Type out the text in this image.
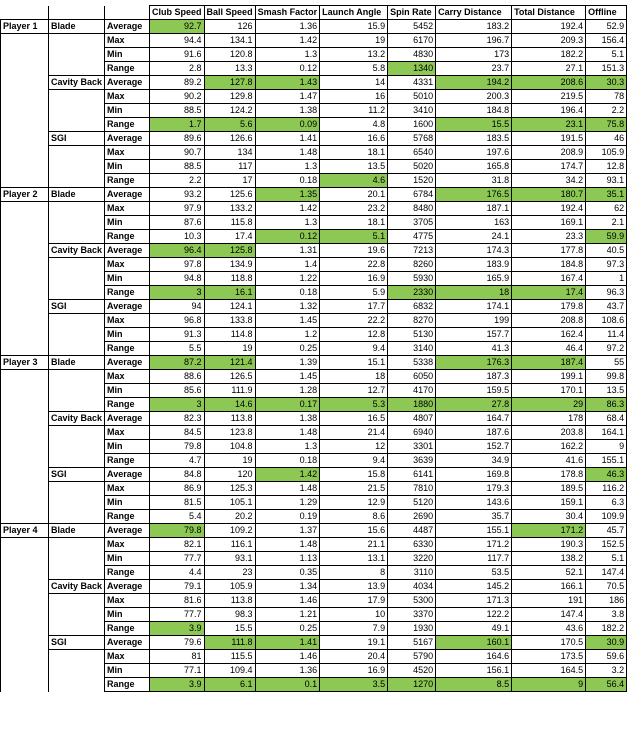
			Club Speed	Ball Speed	Smash Factor	Launch Angle	Spin Rate	Carry Distance	Total Distance	Offline
Player 1	Blade	Average	92.7	126	1.36	15.9	5452	183.2	192.4	52.9
		Max	94.4	134.1	1.42	19	6170	196.7	209.3	156.4
		Min	91.6	120.8	1.3	13.2	4830	173	182.2	5.1
		Range	2.8	13.3	0.12	5.8	1340	23.7	27.1	151.3
	Cavity Back	Average	89.2	127.8	1.43	14	4331	194.2	208.6	30.3
		Max	90.2	129.8	1.47	16	5010	200.3	219.5	78
		Min	88.5	124.2	1.38	11.2	3410	184.8	196.4	2.2
		Range	1.7	5.6	0.09	4.8	1600	15.5	23.1	75.8
	SGI	Average	89.6	126.6	1.41	16.6	5768	183.5	191.5	46
		Max	90.7	134	1.48	18.1	6540	197.6	208.9	105.9
		Min	88.5	117	1.3	13.5	5020	165.8	174.7	12.8
		Range	2.2	17	0.18	4.6	1520	31.8	34.2	93.1
Player 2	Blade	Average	93.2	125.6	1.35	20.1	6784	176.5	180.7	35.1
		Max	97.9	133.2	1.42	23.2	8480	187.1	192.4	62
		Min	87.6	115.8	1.3	18.1	3705	163	169.1	2.1
		Range	10.3	17.4	0.12	5.1	4775	24.1	23.3	59.9
	Cavity Back	Average	96.4	125.8	1.31	19.6	7213	174.3	177.8	40.5
		Max	97.8	134.9	1.4	22.8	8260	183.9	184.8	97.3
		Min	94.8	118.8	1.22	16.9	5930	165.9	167.4	1
		Range	3	16.1	0.18	5.9	2330	18	17.4	96.3
	SGI	Average	94	124.1	1.32	17.7	6832	174.1	179.8	43.7
		Max	96.8	133.8	1.45	22.2	8270	199	208.8	108.6
		Min	91.3	114.8	1.2	12.8	5130	157.7	162.4	11.4
		Range	5.5	19	0.25	9.4	3140	41.3	46.4	97.2
Player 3	Blade	Average	87.2	121.4	1.39	15.1	5338	176.3	187.4	55
		Max	88.6	126.5	1.45	18	6050	187.3	199.1	99.8
		Min	85.6	111.9	1.28	12.7	4170	159.5	170.1	13.5
		Range	3	14.6	0.17	5.3	1880	27.8	29	86.3
	Cavity Back	Average	82.3	113.8	1.38	16.5	4807	164.7	178	68.4
		Max	84.5	123.8	1.48	21.4	6940	187.6	203.8	164.1
		Min	79.8	104.8	1.3	12	3301	152.7	162.2	9
		Range	4.7	19	0.18	9.4	3639	34.9	41.6	155.1
	SGI	Average	84.8	120	1.42	15.8	6141	169.8	178.8	46.3
		Max	86.9	125.3	1.48	21.5	7810	179.3	189.5	116.2
		Min	81.5	105.1	1.29	12.9	5120	143.6	159.1	6.3
		Range	5.4	20.2	0.19	8.6	2690	35.7	30.4	109.9
Player 4	Blade	Average	79.8	109.2	1.37	15.6	4487	155.1	171.2	45.7
		Max	82.1	116.1	1.48	21.1	6330	171.2	190.3	152.5
		Min	77.7	93.1	1.13	13.1	3220	117.7	138.2	5.1
		Range	4.4	23	0.35	8	3110	53.5	52.1	147.4
	Cavity Back	Average	79.1	105.9	1.34	13.9	4034	145.2	166.1	70.5
		Max	81.6	113.8	1.46	17.9	5300	171.3	191	186
		Min	77.7	98.3	1.21	10	3370	122.2	147.4	3.8
		Range	3.9	15.5	0.25	7.9	1930	49.1	43.6	182.2
	SGI	Average	79.6	111.8	1.41	19.1	5167	160.1	170.5	30.9
		Max	81	115.5	1.46	20.4	5790	164.6	173.5	59.6
		Min	77.1	109.4	1.36	16.9	4520	156.1	164.5	3.2
		Range	3.9	6.1	0.1	3.5	1270	8.5	9	56.4
